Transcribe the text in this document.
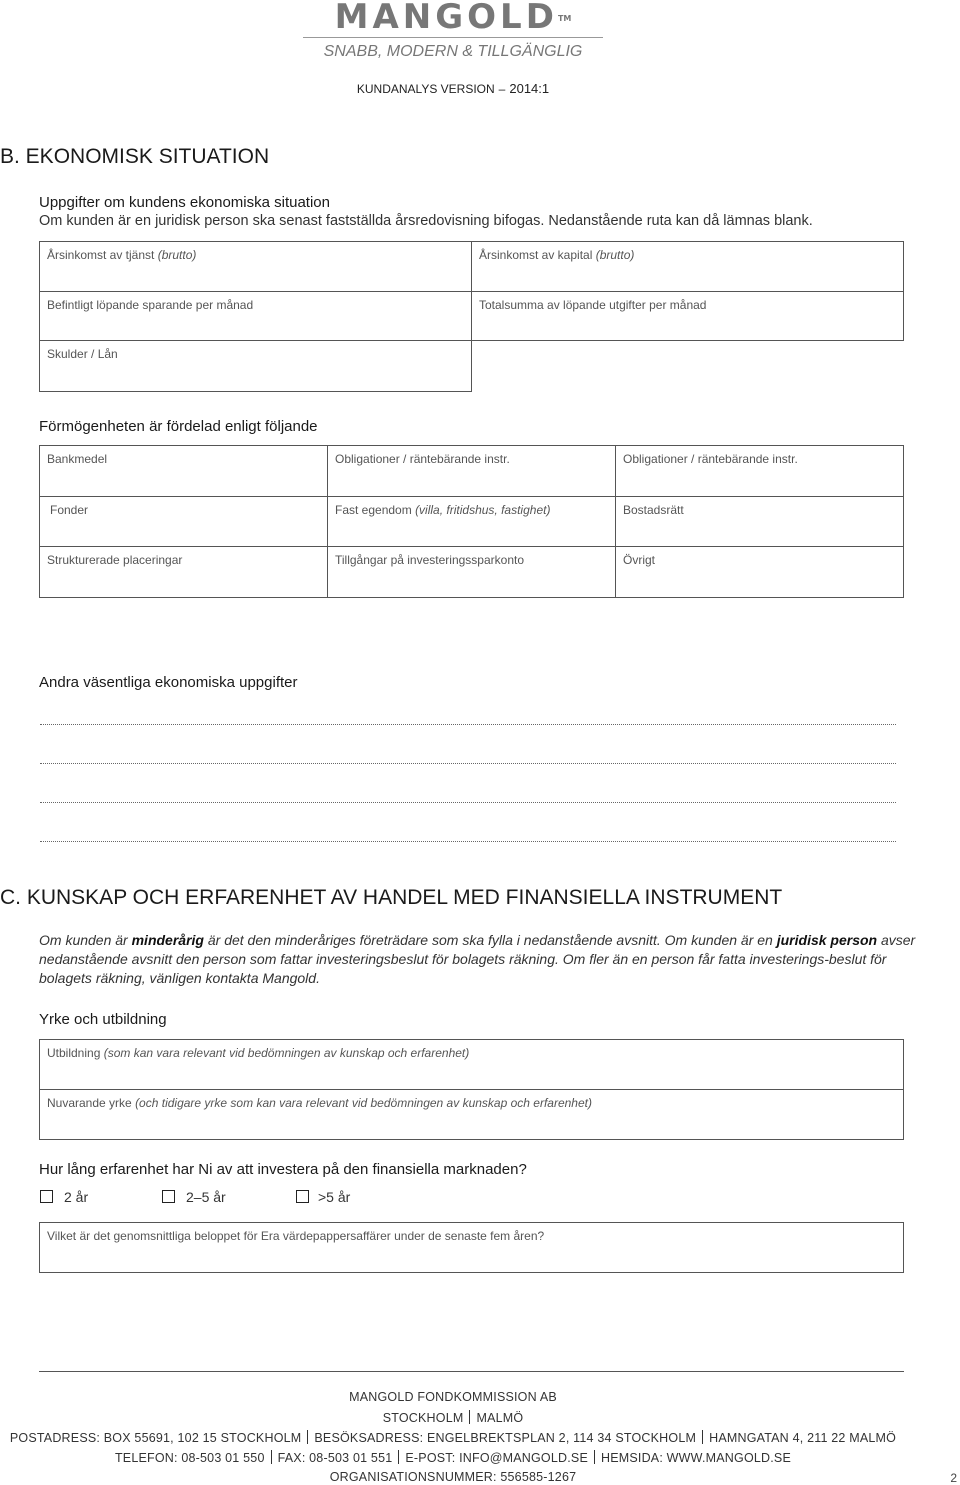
MANGOLD™
SNABB, MODERN & TILLGÄNGLIG
KUNDANALYS VERSION – 2014:1
B. EKONOMISK SITUATION
Uppgifter om kundens ekonomiska situation
Om kunden är en juridisk person ska senast fastställda årsredovisning bifogas. Nedanstående ruta kan då lämnas blank.
Årsinkomst av tjänst (brutto)	Årsinkomst av kapital (brutto)
Befintligt löpande sparande per månad	Totalsumma av löpande utgifter per månad
Skulder / Lån
Förmögenheten är fördelad enligt följande
Bankmedel	Obligationer / räntebärande instr.	Obligationer / räntebärande instr.
Fonder	Fast egendom (villa, fritidshus, fastighet)	Bostadsrätt
Strukturerade placeringar	Tillgångar på investeringssparkonto	Övrigt
Andra väsentliga ekonomiska uppgifter
C. KUNSKAP OCH ERFARENHET AV HANDEL MED FINANSIELLA INSTRUMENT
Om kunden är minderårig är det den minderåriges företrädare som ska fylla i nedanstående avsnitt. Om kunden är en juridisk person avser nedanstående avsnitt den person som fattar investeringsbeslut för bolagets räkning. Om fler än en person får fatta investerings-beslut för bolagets räkning, vänligen kontakta Mangold.
Yrke och utbildning
Utbildning (som kan vara relevant vid bedömningen av kunskap och erfarenhet)
Nuvarande yrke (och tidigare yrke som kan vara relevant vid bedömningen av kunskap och erfarenhet)
Hur lång erfarenhet har Ni av att investera på den finansiella marknaden?
2 år	2–5 år	>5 år
Vilket är det genomsnittliga beloppet för Era värdepappersaffärer under de senaste fem åren?
MANGOLD FONDKOMMISSION AB
STOCKHOLM MALMÖ
POSTADRESS: BOX 55691, 102 15 STOCKHOLM BESÖKSADRESS: ENGELBREKTSPLAN 2, 114 34 STOCKHOLM HAMNGATAN 4, 211 22 MALMÖ
TELEFON: 08-503 01 550 FAX: 08-503 01 551 E-POST: INFO@MANGOLD.SE HEMSIDA: WWW.MANGOLD.SE
ORGANISATIONSNUMMER: 556585-1267	2
